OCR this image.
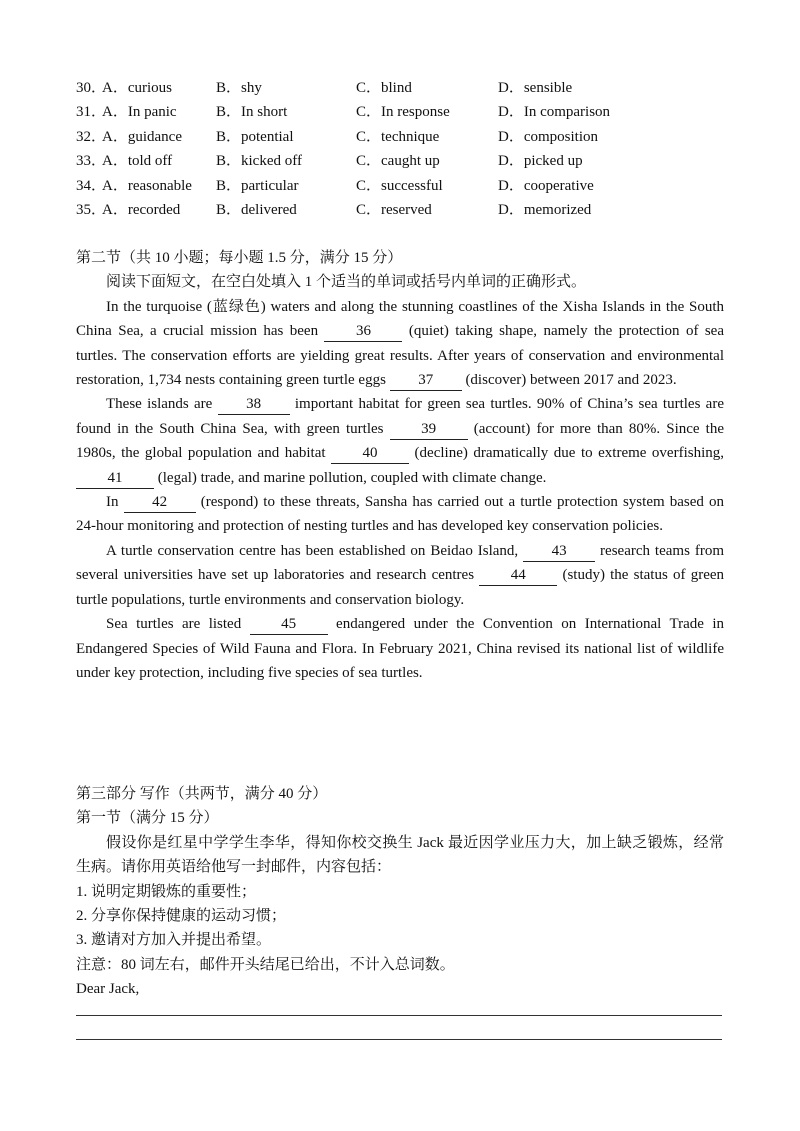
30．
A．curious	B．shy	C．blind	D．sensible
31．
A．In panic	B．In short	C．In response	D．In comparison
32．
A．guidance B．potential	C．technique	D．composition
33．
A．told off	B．kicked off	C．caught up	D．picked up
34．
A．reasonable B．particular	C．successful	D．cooperative
35．
A．recorded B．delivered	C．reserved	D．memorized
第二节（共 10 小题；每小题 1.5 分，满分 15 分）
阅读下面短文，在空白处填入 1 个适当的单词或括号内单词的正确形式。

In the turquoise (蓝绿色) waters and along the stunning coastlines of the Xisha Islands in the South China Sea, a crucial mission has been 36 (quiet) taking shape, namely the protection of sea turtles. The conservation efforts are yielding great results. After years of conservation and environmental restoration, 1,734 nests containing green turtle eggs 37 (discover) between 2017 and 2023.

These islands are 38 important habitat for green sea turtles. 90% of China’s sea turtles are found in the South China Sea, with green turtles 39 (account) for more than 80%. Since the 1980s, the global population and habitat 40 (decline) dramatically due to extreme overfishing, 41 (legal) trade, and marine pollution, coupled with climate change.

In 42 (respond) to these threats, Sansha has carried out a turtle protection system based on 24-hour monitoring and protection of nesting turtles and has developed key conservation policies.

A turtle conservation centre has been established on Beidao Island, 43 research teams from several universities have set up laboratories and research centres 44 (study) the status of green turtle populations, turtle environments and conservation biology.

Sea turtles are listed 45 endangered under the Convention on International Trade in Endangered Species of Wild Fauna and Flora. In February 2021, China revised its national list of wildlife under key protection, including five species of sea turtles.

第三部分 写作（共两节，满分 40 分）
第一节（满分 15 分）

假设你是红星中学学生李华，得知你校交换生 Jack 最近因学业压力大，加上缺乏锻炼，经常生病。请你用英语给他写一封邮件，内容包括：

1. 说明定期锻炼的重要性；
2. 分享你保持健康的运动习惯；
3. 邀请对方加入并提出希望。
注意：80 词左右，邮件开头结尾已给出，不计入总词数。
Dear Jack,
